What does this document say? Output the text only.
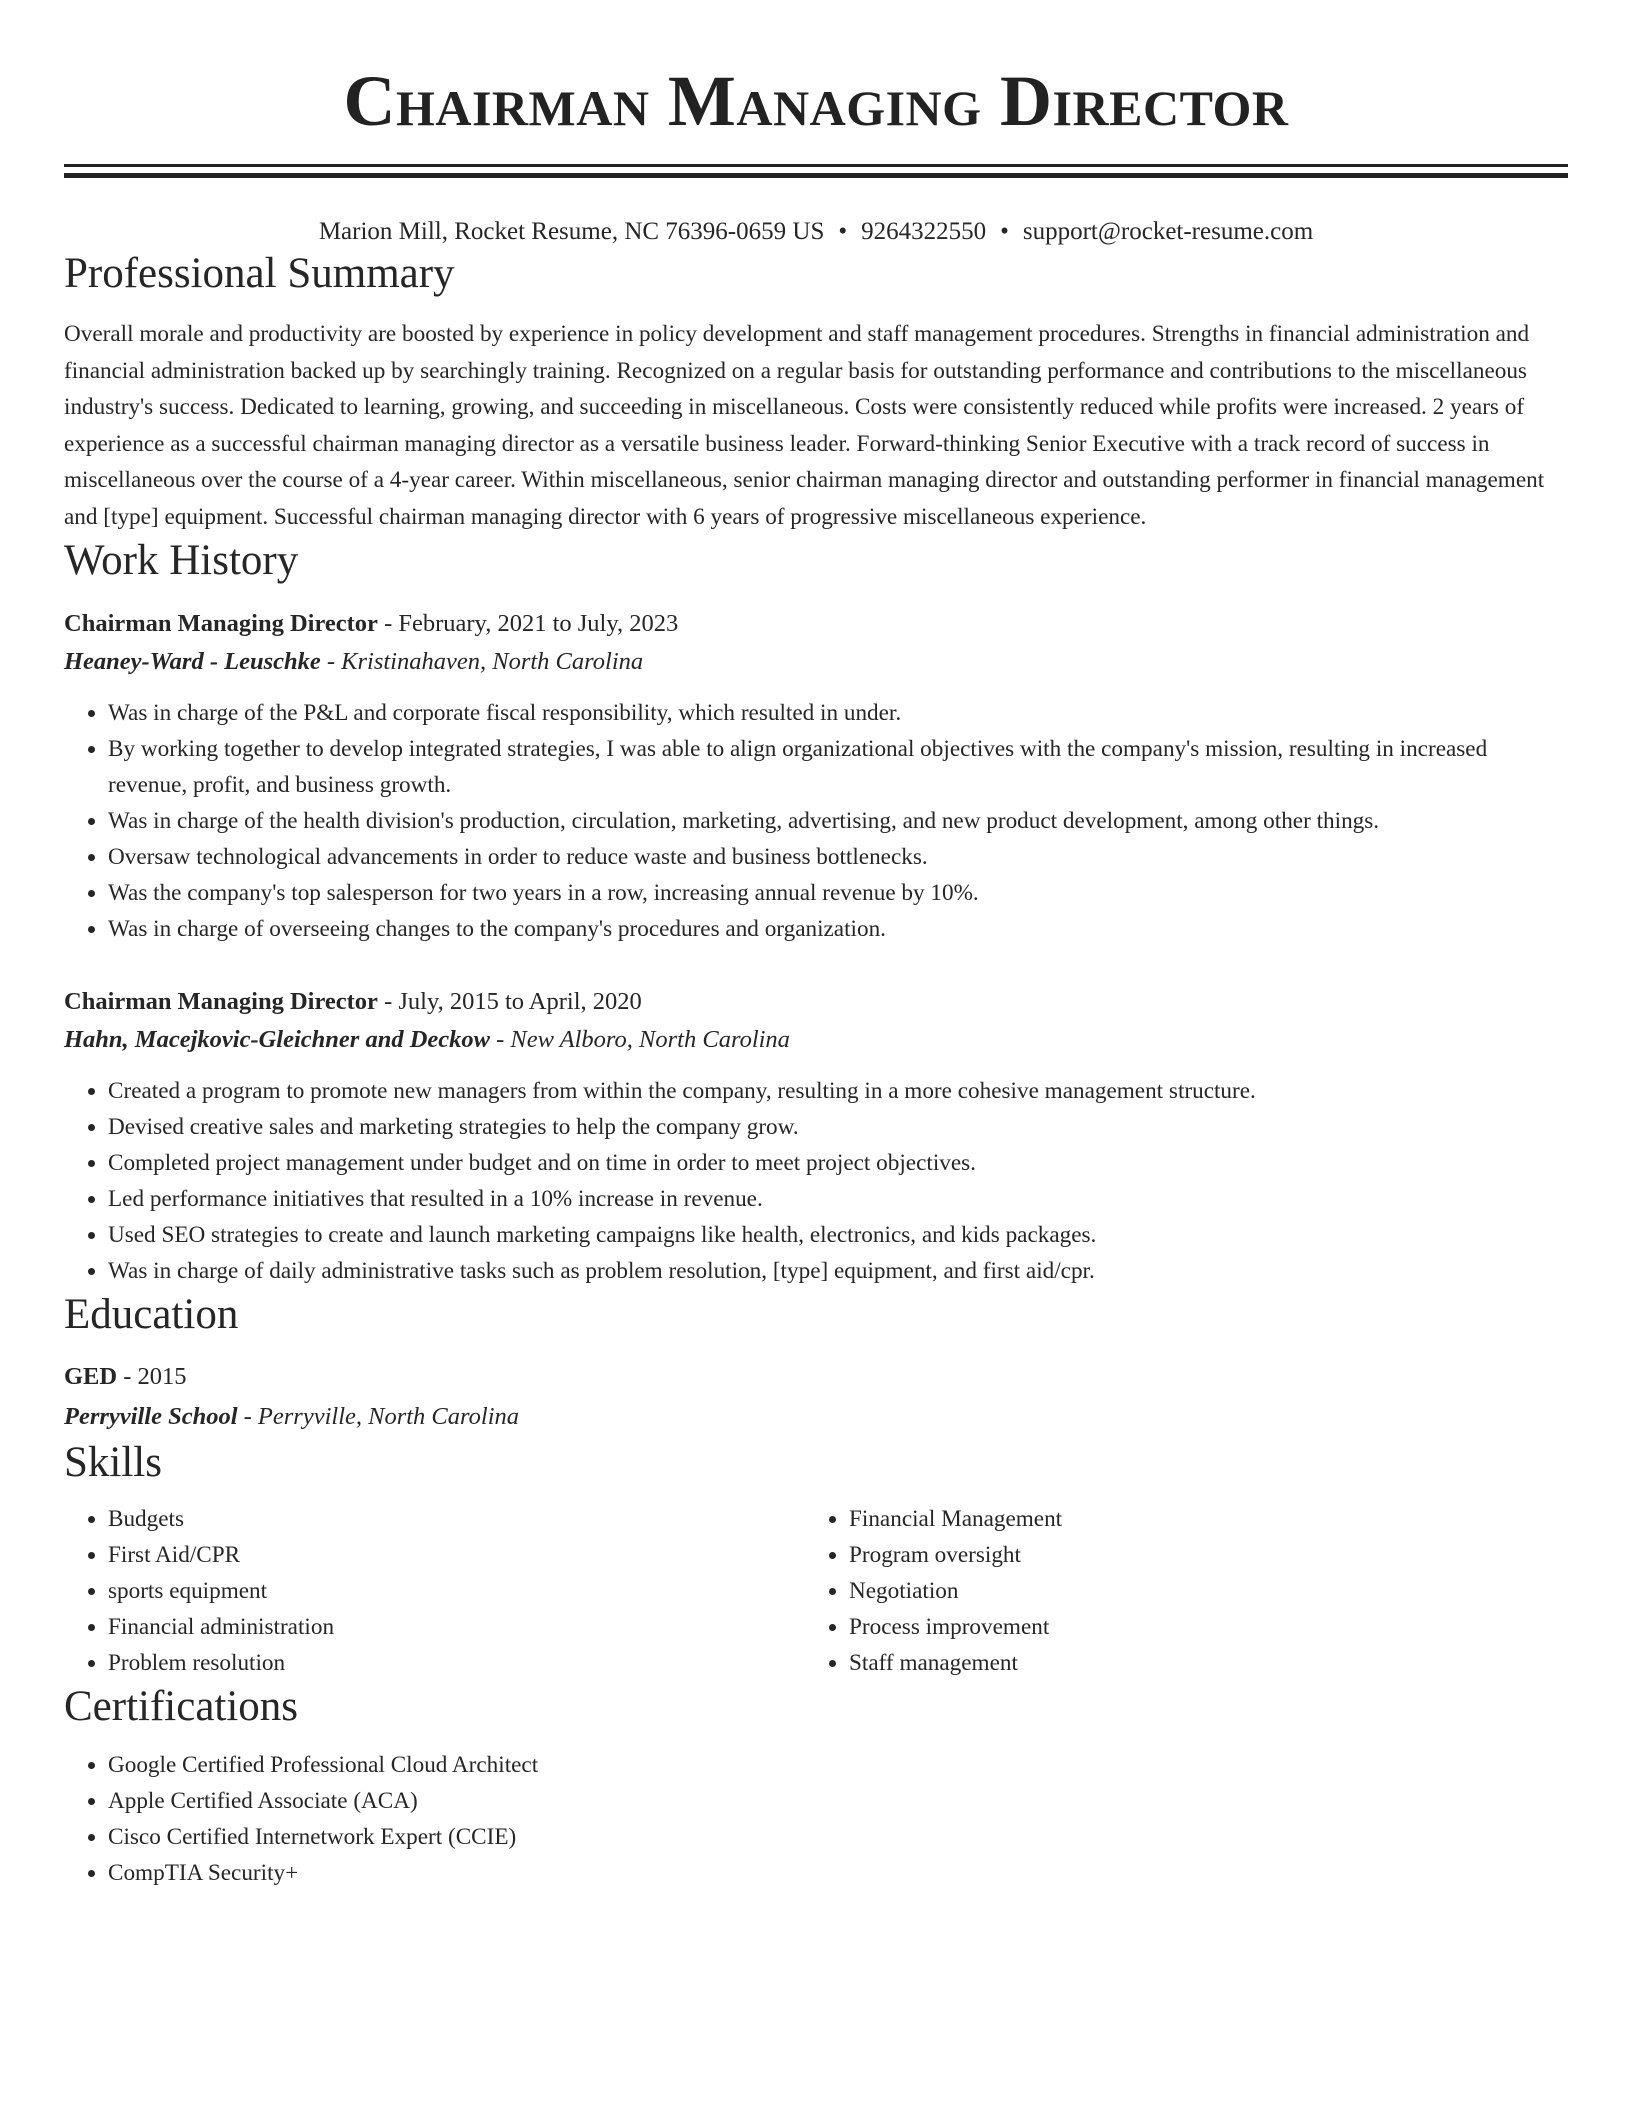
Chairman Managing Director
Marion Mill, Rocket Resume, NC 76396-0659 US • 9264322550 • support@rocket-resume.com
Professional Summary

Overall morale and productivity are boosted by experience in policy development and staff management procedures. Strengths in financial administration and financial administration backed up by searchingly training. Recognized on a regular basis for outstanding performance and contributions to the miscellaneous industry's success. Dedicated to learning, growing, and succeeding in miscellaneous. Costs were consistently reduced while profits were increased. 2 years of experience as a successful chairman managing director as a versatile business leader. Forward-thinking Senior Executive with a track record of success in miscellaneous over the course of a 4-year career. Within miscellaneous, senior chairman managing director and outstanding performer in financial management and [type] equipment. Successful chairman managing director with 6 years of progressive miscellaneous experience.

Work History
Chairman Managing Director - February, 2021 to July, 2023
Heaney-Ward - Leuschke - Kristinahaven, North Carolina
• Was in charge of the P&L and corporate fiscal responsibility, which resulted in under.
• By working together to develop integrated strategies, I was able to align organizational objectives with the company's mission, resulting in increased revenue, profit, and business growth.
• Was in charge of the health division's production, circulation, marketing, advertising, and new product development, among other things.
• Oversaw technological advancements in order to reduce waste and business bottlenecks.
• Was the company's top salesperson for two years in a row, increasing annual revenue by 10%.
• Was in charge of overseeing changes to the company's procedures and organization.
Chairman Managing Director - July, 2015 to April, 2020
Hahn, Macejkovic-Gleichner and Deckow - New Alboro, North Carolina
• Created a program to promote new managers from within the company, resulting in a more cohesive management structure.
• Devised creative sales and marketing strategies to help the company grow.
• Completed project management under budget and on time in order to meet project objectives.
• Led performance initiatives that resulted in a 10% increase in revenue.
• Used SEO strategies to create and launch marketing campaigns like health, electronics, and kids packages.
• Was in charge of daily administrative tasks such as problem resolution, [type] equipment, and first aid/cpr.
Education
GED - 2015
Perryville School - Perryville, North Carolina
Skills
• Budgets
• First Aid/CPR
• sports equipment
• Financial administration
• Problem resolution
• Financial Management
• Program oversight
• Negotiation
• Process improvement
• Staff management
Certifications
• Google Certified Professional Cloud Architect
• Apple Certified Associate (ACA)
• Cisco Certified Internetwork Expert (CCIE)
• CompTIA Security+
